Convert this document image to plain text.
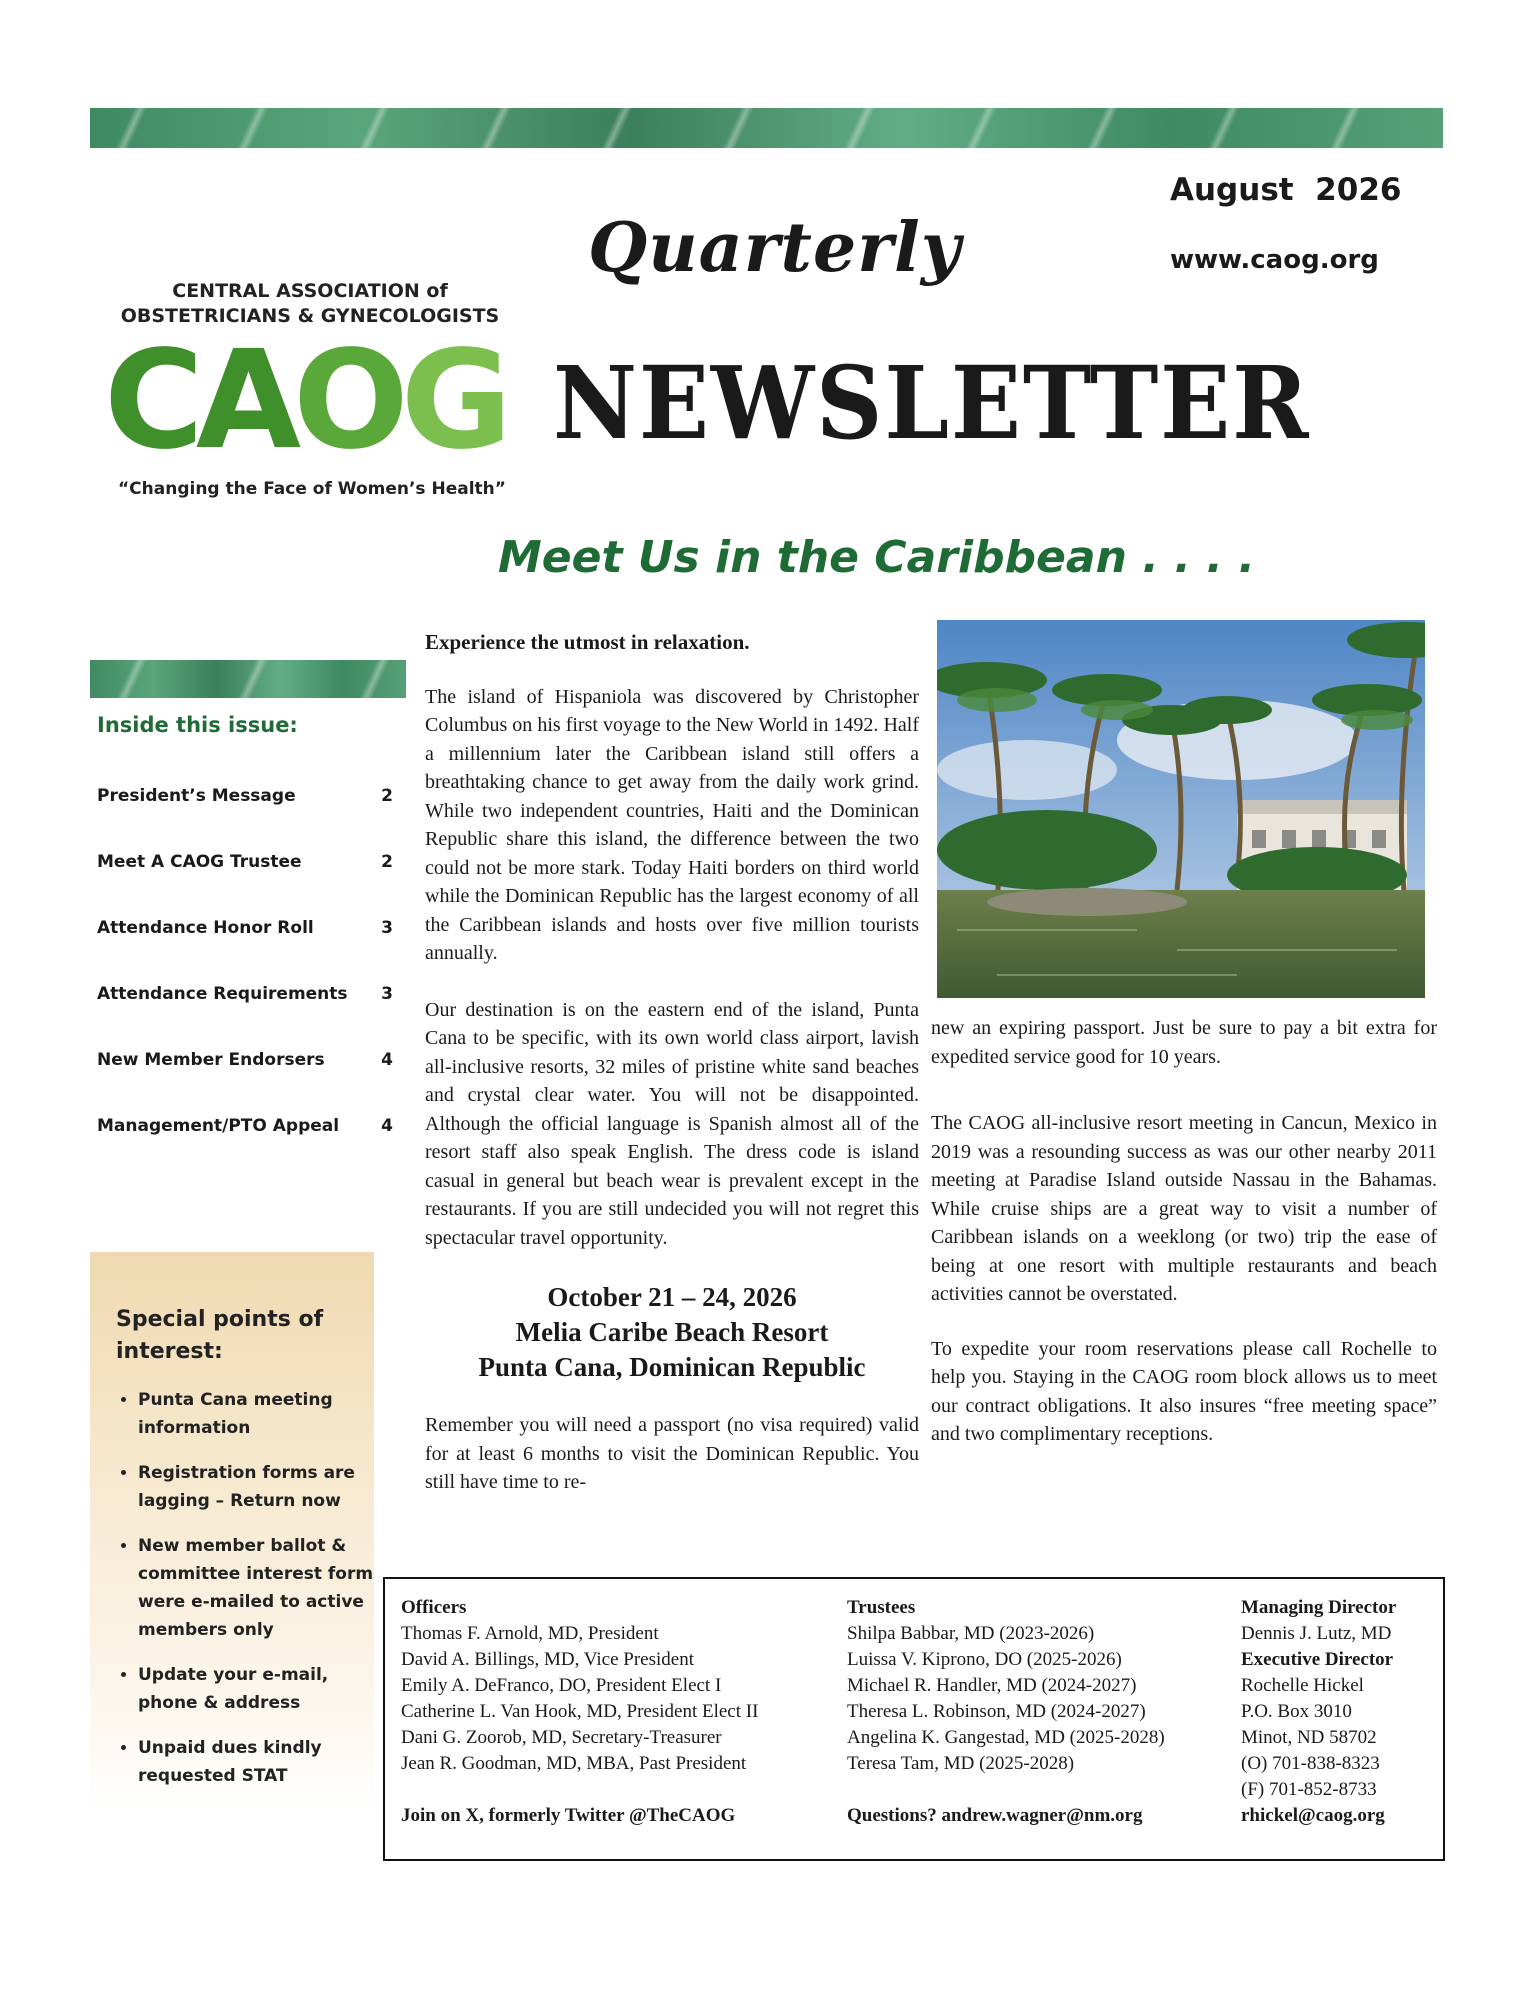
August  2026
www.caog.org
Quarterly
NEWSLETTER
CENTRAL ASSOCIATION of
OBSTETRICIANS & GYNECOLOGISTS
CAOG
“Changing the Face of Women’s Health”
Meet Us in the Caribbean . . . .
Inside this issue:
President’s Message	2
Meet A CAOG Trustee	2
Attendance Honor Roll	3
Attendance Requirements 3
New Member Endorsers	4
Management/PTO Appeal 4
Special points of interest:
• Punta Cana meeting information
• Registration forms are lagging – Return now
• New member ballot & committee interest form were e-mailed to active members only
• Update your e-mail, phone & address
• Unpaid dues kindly requested STAT

Experience the utmost in relaxation.

The island of Hispaniola was discovered by Christopher Columbus on his first voyage to the New World in 1492. Half a millennium later the Caribbean island still offers a breathtaking chance to get away from the daily work grind. While two independent countries, Haiti and the Dominican Republic share this island, the difference between the two could not be more stark. Today Haiti borders on third world while the Dominican Republic has the largest economy of all the Caribbean islands and hosts over five million tourists annually.

Our destination is on the eastern end of the island, Punta Cana to be specific, with its own world class airport, lavish all-inclusive resorts, 32 miles of pristine white sand beaches and crystal clear water. You will not be disappointed. Although the official language is Spanish almost all of the resort staff also speak English. The dress code is island casual in general but beach wear is prevalent except in the restaurants. If you are still undecided you will not regret this spectacular travel opportunity.

October 21 – 24, 2026
Melia Caribe Beach Resort
Punta Cana, Dominican Republic

Remember you will need a passport (no visa required) valid for at least 6 months to visit the Dominican Republic. You still have time to re-

new an expiring passport. Just be sure to pay a bit extra for expedited service good for 10 years.

The CAOG all-inclusive resort meeting in Cancun, Mexico in 2019 was a resounding success as was our other nearby 2011 meeting at Paradise Island outside Nassau in the Bahamas. While cruise ships are a great way to visit a number of Caribbean islands on a weeklong (or two) trip the ease of being at one resort with multiple restaurants and beach activities cannot be overstated.

To expedite your room reservations please call Rochelle to help you. Staying in the CAOG room block allows us to meet our contract obligations. It also insures “free meeting space” and two complimentary receptions.

Officers
Thomas F. Arnold, MD, President
David A. Billings, MD, Vice President
Emily A. DeFranco, DO, President Elect I
Catherine L. Van Hook, MD, President Elect II
Dani G. Zoorob, MD, Secretary-Treasurer
Jean R. Goodman, MD, MBA, Past President
Join on X, formerly Twitter @TheCAOG
Trustees
Shilpa Babbar, MD (2023-2026)
Luissa V. Kiprono, DO (2025-2026)
Michael R. Handler, MD (2024-2027)
Theresa L. Robinson, MD (2024-2027)
Angelina K. Gangestad, MD (2025-2028)
Teresa Tam, MD (2025-2028)
Questions? andrew.wagner@nm.org
Managing Director
Dennis J. Lutz, MD
Executive Director
Rochelle Hickel
P.O. Box 3010
Minot, ND 58702
(O) 701-838-8323
(F) 701-852-8733
rhickel@caog.org
